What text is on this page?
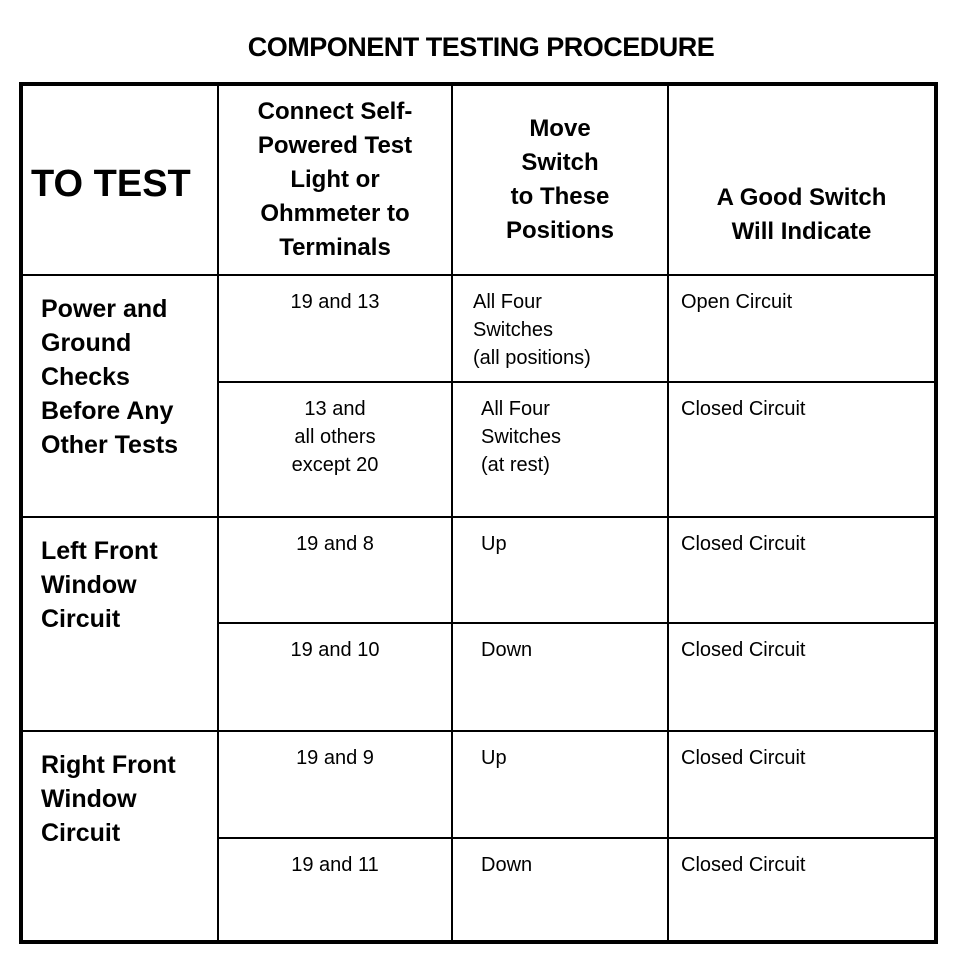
COMPONENT TESTING PROCEDURE
TO TEST	Connect Self-
Powered Test
Light or
Ohmmeter to
Terminals	Move
Switch
to These
Positions	A Good Switch
Will Indicate

Power and
Ground
Checks
Before Any
Other Tests	19 and 13	All Four
Switches
(all positions)	Open Circuit

	13 and
all others
except 20	All Four
Switches
(at rest)	Closed Circuit

Left Front
Window
Circuit	19 and 8	Up	Closed Circuit

	19 and 10	Down	Closed Circuit

Right Front
Window
Circuit	19 and 9	Up	Closed Circuit

	19 and 11	Down	Closed Circuit
